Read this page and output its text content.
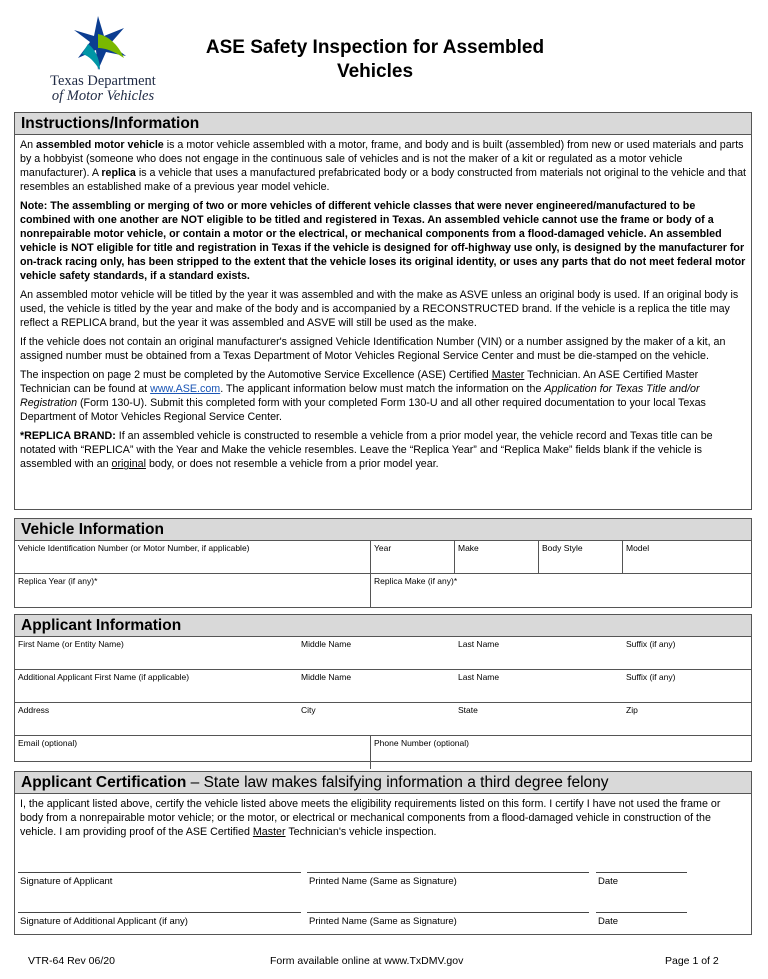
Texas Department
of Motor Vehicles
ASE Safety Inspection for Assembled
Vehicles
Instructions/Information

An assembled motor vehicle is a motor vehicle assembled with a motor, frame, and body and is built (assembled) from new or used materials and parts by a hobbyist (someone who does not engage in the continuous sale of vehicles and is not the maker of a kit or regulated as a motor vehicle manufacturer). A replica is a vehicle that uses a manufactured prefabricated body or a body constructed from materials not original to the vehicle and that resembles an established make of a previous year model vehicle.

Note: The assembling or merging of two or more vehicles of different vehicle classes that were never engineered/manufactured to be combined with one another are NOT eligible to be titled and registered in Texas. An assembled vehicle cannot use the frame or body of a nonrepairable motor vehicle, or contain a motor or the electrical, or mechanical components from a flood-damaged vehicle. An assembled vehicle is NOT eligible for title and registration in Texas if the vehicle is designed for off-highway use only, is designed by the manufacturer for on-track racing only, has been stripped to the extent that the vehicle loses its original identity, or uses any parts that do not meet federal motor vehicle safety standards, if a standard exists.

An assembled motor vehicle will be titled by the year it was assembled and with the make as ASVE unless an original body is used. If an original body is used, the vehicle is titled by the year and make of the body and is accompanied by a RECONSTRUCTED brand. If the vehicle is a replica the title may reflect a REPLICA brand, but the year it was assembled and ASVE will still be used as the make.

If the vehicle does not contain an original manufacturer's assigned Vehicle Identification Number (VIN) or a number assigned by the maker of a kit, an assigned number must be obtained from a Texas Department of Motor Vehicles Regional Service Center and must be die-stamped on the vehicle.

The inspection on page 2 must be completed by the Automotive Service Excellence (ASE) Certified Master Technician. An ASE Certified Master Technician can be found at www.ASE.com. The applicant information below must match the information on the Application for Texas Title and/or Registration (Form 130-U). Submit this completed form with your completed Form 130-U and all other required documentation to your local Texas Department of Motor Vehicles Regional Service Center.

*REPLICA BRAND: If an assembled vehicle is constructed to resemble a vehicle from a prior model year, the vehicle record and Texas title can be notated with “REPLICA” with the Year and Make the vehicle resembles. Leave the “Replica Year” and “Replica Make” fields blank if the vehicle is assembled with an original body, or does not resemble a vehicle from a prior model year.

Vehicle Information
Vehicle Identification Number (or Motor Number, if applicable)	Year	Make	Body Style	Model
Replica Year (if any)*	Replica Make (if any)*
Applicant Information
First Name (or Entity Name)	Middle Name	Last Name	Suffix (if any)
Additional Applicant First Name (if applicable)	Middle Name	Last Name	Suffix (if any)
Address	City	State	Zip
Email (optional)	Phone Number (optional)
Applicant Certification – State law makes falsifying information a third degree felony
I, the applicant listed above, certify the vehicle listed above meets the eligibility requirements listed on this form. I certify I have not used the frame or body from a nonrepairable motor vehicle; or the motor, or electrical or mechanical components from a flood-damaged vehicle in construction of the vehicle. I am providing proof of the ASE Certified Master Technician's vehicle inspection.
Signature of Applicant	Printed Name (Same as Signature)	Date
Signature of Additional Applicant (if any)	Printed Name (Same as Signature)	Date
VTR-64 Rev 06/20	Form available online at www.TxDMV.gov	Page 1 of 2
